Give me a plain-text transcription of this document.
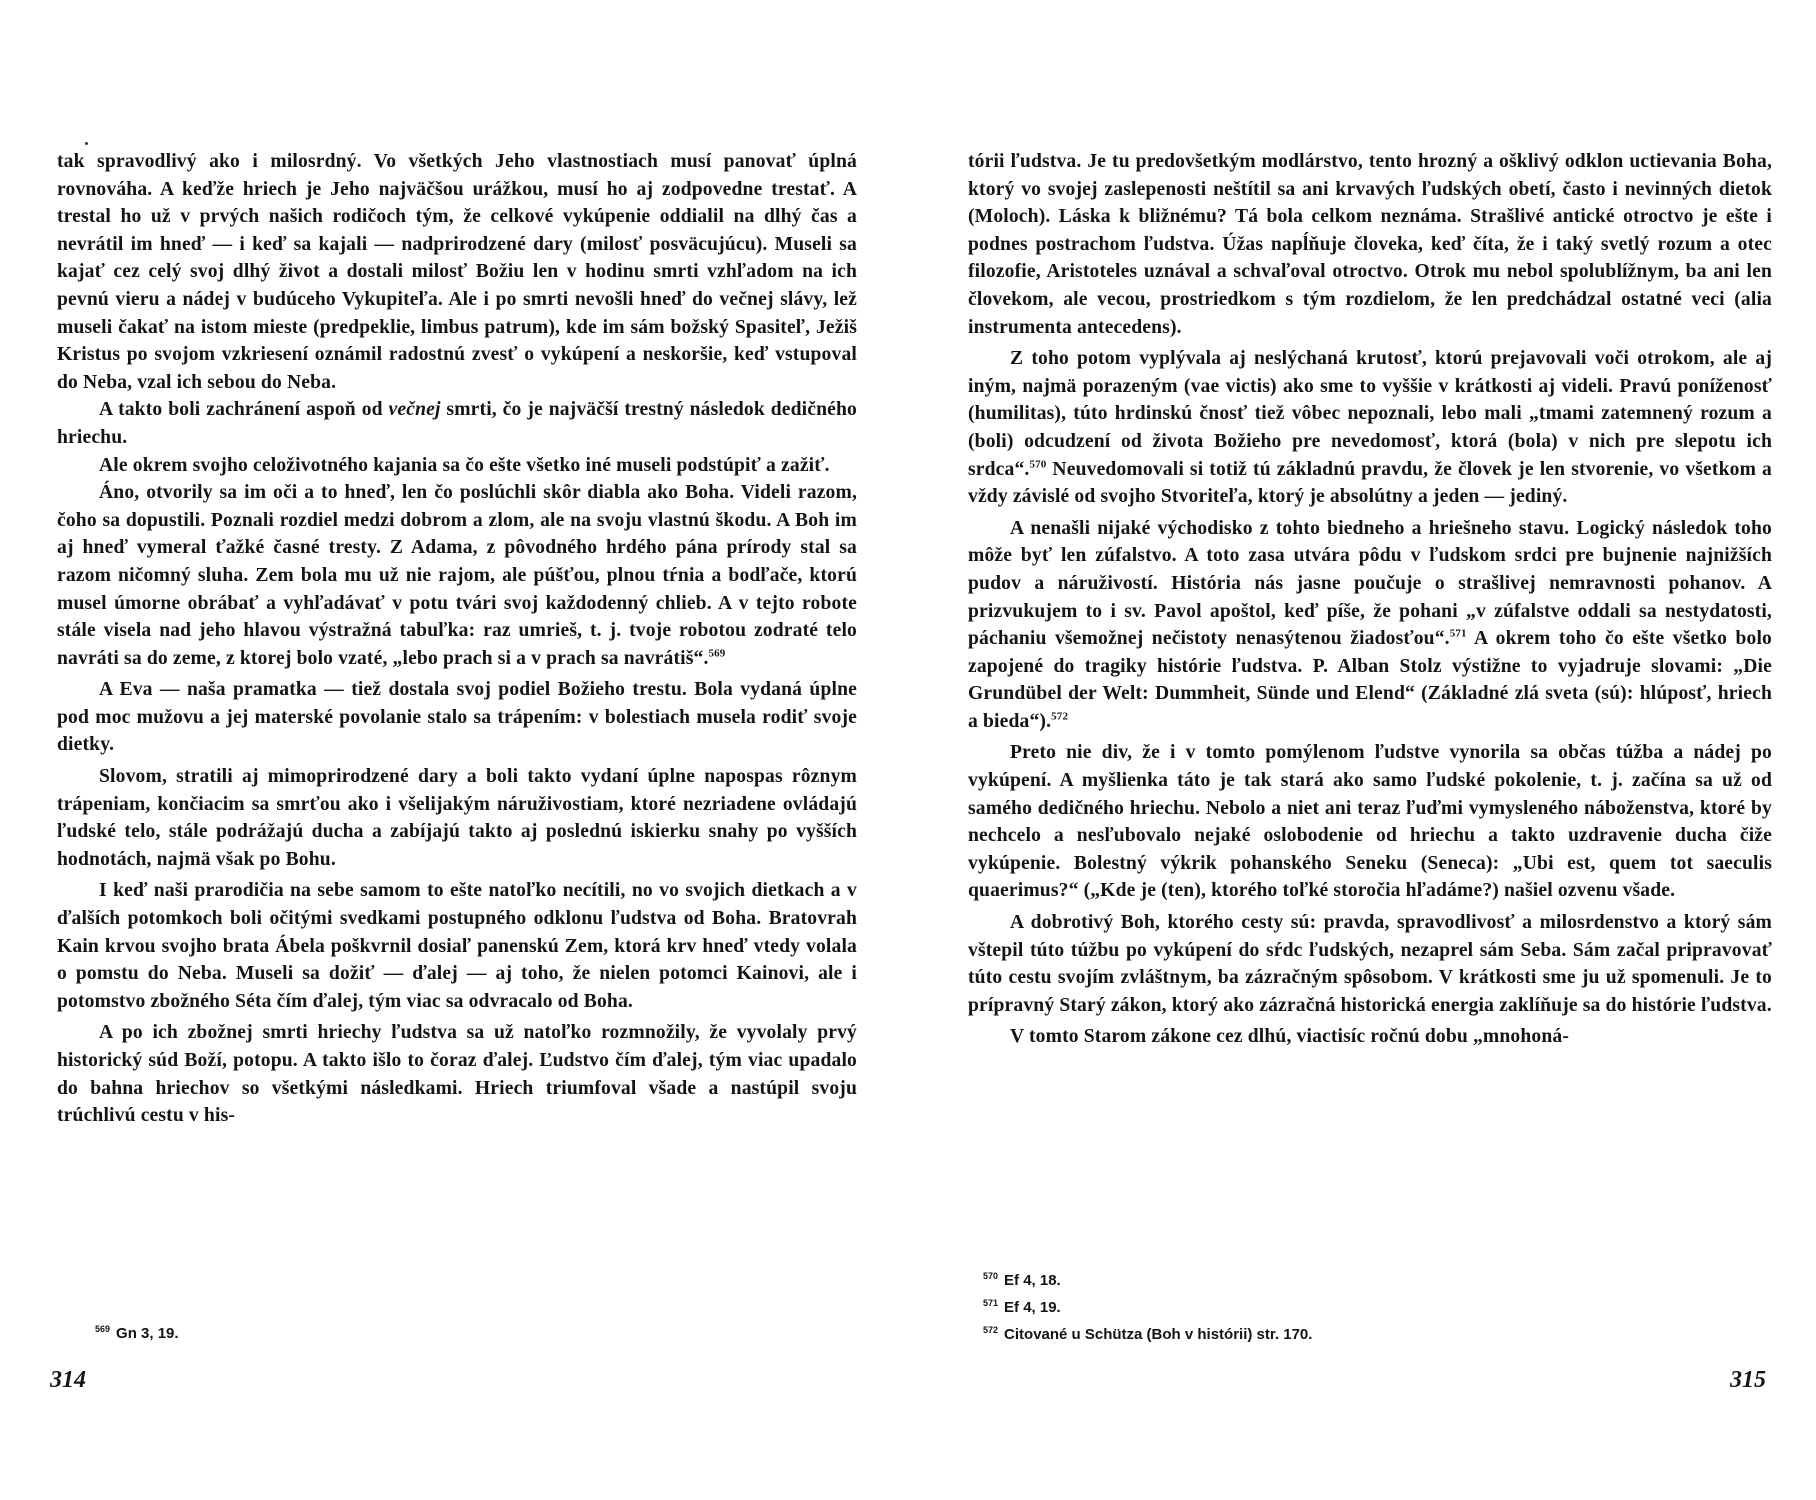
tak spravodlivý ako i milosrdný. Vo všetkých Jeho vlastnostiach musí panovať úplná rovnováha. A keďže hriech je Jeho najväčšou urážkou, musí ho aj zodpovedne trestať. A trestal ho už v prvých našich rodičoch tým, že celkové vykúpenie oddialil na dlhý čas a nevrátil im hneď — i keď sa kajali — nadprirodzené dary (milosť posväcujúcu). Museli sa kajať cez celý svoj dlhý život a dostali milosť Božiu len v hodinu smrti vzhľadom na ich pevnú vieru a nádej v budúceho Vykupiteľa. Ale i po smrti nevošli hneď do večnej slávy, lež museli čakať na istom mieste (predpeklie, limbus patrum), kde im sám božský Spasiteľ, Ježiš Kristus po svojom vzkriesení oznámil radostnú zvesť o vykúpení a neskoršie, keď vstupoval do Neba, vzal ich sebou do Neba.

A takto boli zachránení aspoň od večnej smrti, čo je najväčší trestný následok dedičného hriechu.

Ale okrem svojho celoživotného kajania sa čo ešte všetko iné museli podstúpiť a zažiť.

Áno, otvorily sa im oči a to hneď, len čo poslúchli skôr diabla ako Boha. Videli razom, čoho sa dopustili. Poznali rozdiel medzi dobrom a zlom, ale na svoju vlastnú škodu. A Boh im aj hneď vymeral ťažké časné tresty. Z Adama, z pôvodného hrdého pána prírody stal sa razom ničomný sluha. Zem bola mu už nie rajom, ale púšťou, plnou tŕnia a bodľače, ktorú musel úmorne obrábať a vyhľadávať v potu tvári svoj každodenný chlieb. A v tejto robote stále visela nad jeho hlavou výstražná tabuľka: raz umrieš, t. j. tvoje robotou zodraté telo navráti sa do zeme, z ktorej bolo vzaté, „lebo prach si a v prach sa navrátiš“.$^{569}$

A Eva — naša pramatka — tiež dostala svoj podiel Božieho trestu. Bola vydaná úplne pod moc mužovu a jej materské povolanie stalo sa trápením: v bolestiach musela rodiť svoje dietky.

Slovom, stratili aj mimoprirodzené dary a boli takto vydaní úplne napospas rôznym trápeniam, končiacim sa smrťou ako i všelijakým náruživostiam, ktoré nezriadene ovládajú ľudské telo, stále podrážajú ducha a zabíjajú takto aj poslednú iskierku snahy po vyšších hodnotách, najmä však po Bohu.

I keď naši prarodičia na sebe samom to ešte natoľko necítili, no vo svojich dietkach a v ďalších potomkoch boli očitými svedkami postupného odklonu ľudstva od Boha. Bratovrah Kain krvou svojho brata Ábela poškvrnil dosiaľ panenskú Zem, ktorá krv hneď vtedy volala o pomstu do Neba. Museli sa dožiť — ďalej — aj toho, že nielen potomci Kainovi, ale i potomstvo zbožného Séta čím ďalej, tým viac sa odvracalo od Boha.

A po ich zbožnej smrti hriechy ľudstva sa už natoľko rozmnožily, že vyvolaly prvý historický súd Boží, potopu. A takto išlo to čoraz ďalej. Ľudstvo čím ďalej, tým viac upadalo do bahna hriechov so všetkými následkami. Hriech triumfoval všade a nastúpil svoju trúchlivú cestu v his-

$^{569}$ Gn 3, 19.
314

tórii ľudstva. Je tu predovšetkým modlárstvo, tento hrozný a ošklivý odklon uctievania Boha, ktorý vo svojej zaslepenosti neštítil sa ani krvavých ľudských obetí, často i nevinných dietok (Moloch). Láska k bližnému? Tá bola celkom neznáma. Strašlivé antické otroctvo je ešte i podnes postrachom ľudstva. Úžas napĺňuje človeka, keď číta, že i taký svetlý rozum a otec filozofie, Aristoteles uznával a schvaľoval otroctvo. Otrok mu nebol spolublížnym, ba ani len človekom, ale vecou, prostriedkom s tým rozdielom, že len predchádzal ostatné veci (alia instrumenta antecedens).

Z toho potom vyplývala aj neslýchaná krutosť, ktorú prejavovali voči otrokom, ale aj iným, najmä porazeným (vae victis) ako sme to vyššie v krátkosti aj videli. Pravú poníženosť (humilitas), túto hrdinskú čnosť tiež vôbec nepoznali, lebo mali „tmami zatemnený rozum a (boli) odcudzení od života Božieho pre nevedomosť, ktorá (bola) v nich pre slepotu ich srdca“.$^{570}$ Neuvedomovali si totiž tú základnú pravdu, že človek je len stvorenie, vo všetkom a vždy závislé od svojho Stvoriteľa, ktorý je absolútny a jeden — jediný.

A nenašli nijaké východisko z tohto biedneho a hriešneho stavu. Logický následok toho môže byť len zúfalstvo. A toto zasa utvára pôdu v ľudskom srdci pre bujnenie najnižších pudov a náruživostí. História nás jasne poučuje o strašlivej nemravnosti pohanov. A prizvukujem to i sv. Pavol apoštol, keď píše, že pohani „v zúfalstve oddali sa nestydatosti, páchaniu všemožnej nečistoty nenasýtenou žiadosťou“.$^{571}$ A okrem toho čo ešte všetko bolo zapojené do tragiky histórie ľudstva. P. Alban Stolz výstižne to vyjadruje slovami: „Die Grundübel der Welt: Dummheit, Sünde und Elend“ (Základné zlá sveta (sú): hlúposť, hriech a bieda“).$^{572}$

Preto nie div, že i v tomto pomýlenom ľudstve vynorila sa občas túžba a nádej po vykúpení. A myšlienka táto je tak stará ako samo ľudské pokolenie, t. j. začína sa už od samého dedičného hriechu. Nebolo a niet ani teraz ľuďmi vymysleného náboženstva, ktoré by nechcelo a nesľubovalo nejaké oslobodenie od hriechu a takto uzdravenie ducha čiže vykúpenie. Bolestný výkrik pohanského Seneku (Seneca): „Ubi est, quem tot saeculis quaerimus?“ („Kde je (ten), ktorého toľké storočia hľadáme?) našiel ozvenu všade.

A dobrotivý Boh, ktorého cesty sú: pravda, spravodlivosť a milosrdenstvo a ktorý sám vštepil túto túžbu po vykúpení do sŕdc ľudských, nezaprel sám Seba. Sám začal pripravovať túto cestu svojím zvláštnym, ba zázračným spôsobom. V krátkosti sme ju už spomenuli. Je to prípravný Starý zákon, ktorý ako zázračná historická energia zaklíňuje sa do histórie ľudstva.

V tomto Starom zákone cez dlhú, viactisíc ročnú dobu „mnohoná-

$^{570}$ Ef 4, 18.
$^{571}$ Ef 4, 19.
$^{572}$ Citované u Schütza (Boh v histórii) str. 170.
315
